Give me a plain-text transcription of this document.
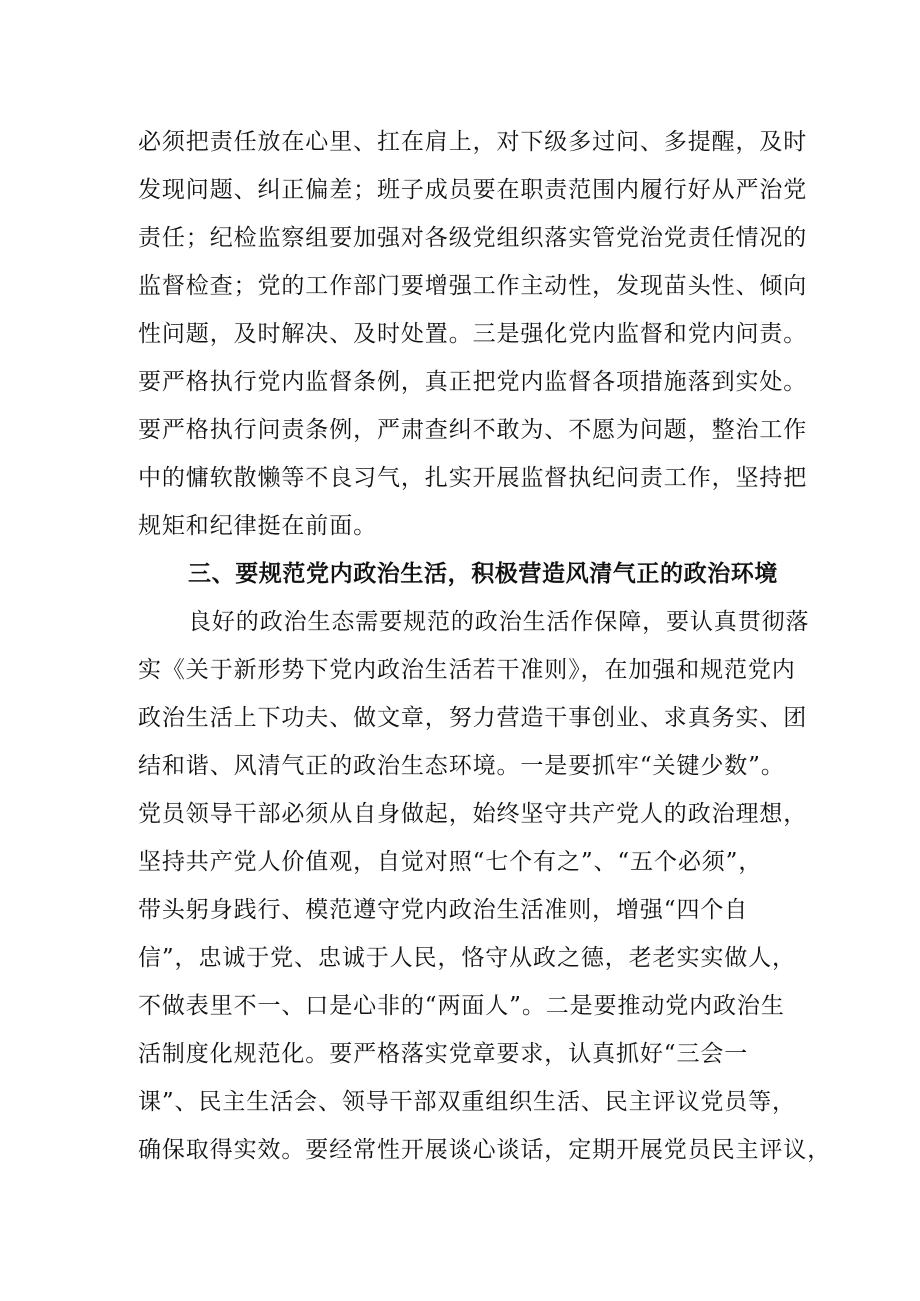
必须把责任放在心里、扛在肩上，对下级多过问、多提醒，及时
发现问题、纠正偏差；班子成员要在职责范围内履行好从严治党
责任；纪检监察组要加强对各级党组织落实管党治党责任情况的
监督检查；党的工作部门要增强工作主动性，发现苗头性、倾向
性问题，及时解决、及时处置。三是强化党内监督和党内问责。
要严格执行党内监督条例，真正把党内监督各项措施落到实处。
要严格执行问责条例，严肃查纠不敢为、不愿为问题，整治工作
中的慵软散懒等不良习气，扎实开展监督执纪问责工作，坚持把
规矩和纪律挺在前面。
三、要规范党内政治生活，积极营造风清气正的政治环境
良好的政治生态需要规范的政治生活作保障，要认真贯彻落
实《关于新形势下党内政治生活若干准则》，在加强和规范党内
政治生活上下功夫、做文章，努力营造干事创业、求真务实、团
结和谐、风清气正的政治生态环境。一是要抓牢“关键少数”。
党员领导干部必须从自身做起，始终坚守共产党人的政治理想，
坚持共产党人价值观，自觉对照“七个有之”、“五个必须”，
带头躬身践行、模范遵守党内政治生活准则，增强“四个自
信”，忠诚于党、忠诚于人民，恪守从政之德，老老实实做人，
不做表里不一、口是心非的“两面人”。二是要推动党内政治生
活制度化规范化。要严格落实党章要求，认真抓好“三会一
课”、民主生活会、领导干部双重组织生活、民主评议党员等，
确保取得实效。要经常性开展谈心谈话，定期开展党员民主评议，
